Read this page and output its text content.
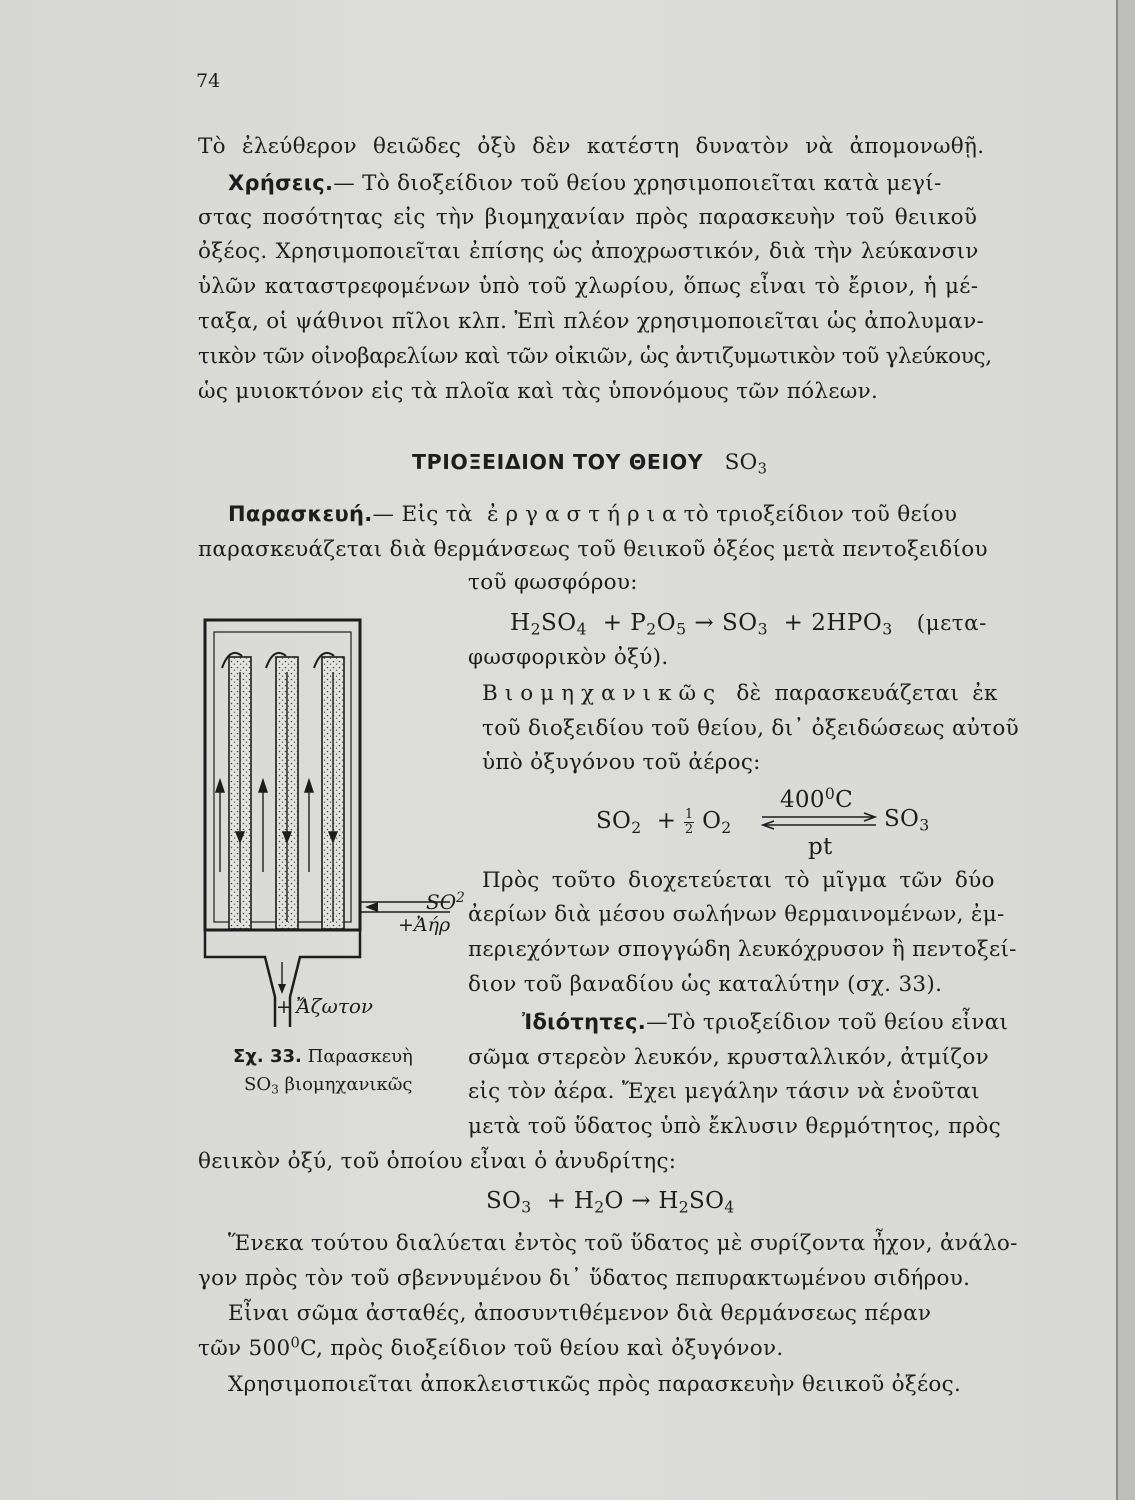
74
Τὸ ἐλεύθερον θειῶδες ὀξὺ δὲν κατέστη δυνατὸν νὰ ἀπομονωθῇ.
Χρήσεις.— Τὸ διοξείδιον τοῦ θείου χρησιμοποιεῖται κατὰ μεγί-
στας ποσότητας εἰς τὴν βιομηχανίαν πρὸς παρασκευὴν τοῦ θειικοῦ
ὀξέος. Χρησιμοποιεῖται ἐπίσης ὡς ἀποχρωστικόν, διὰ τὴν λεύκανσιν
ὑλῶν καταστρεφομένων ὑπὸ τοῦ χλωρίου, ὅπως εἶναι τὸ ἔριον, ἡ μέ-
ταξα, οἱ ψάθινοι πῖλοι κλπ. Ἐπὶ πλέον χρησιμοποιεῖται ὡς ἀπολυμαν-
τικὸν τῶν οἰνοβαρελίων καὶ τῶν οἰκιῶν, ὡς ἀντιζυμωτικὸν τοῦ γλεύκους,
ὡς μυιοκτόνον εἰς τὰ πλοῖα καὶ τὰς ὑπονόμους τῶν πόλεων.
ΤΡΙΟΞΕΙΔΙΟΝ ΤΟΥ ΘΕΙΟΥ $SO_3$
Παρασκευή.— Εἰς τὰ ἐργαστήριατὸ τριοξείδιον τοῦ θείου
παρασκευάζεται διὰ θερμάνσεως τοῦ θειικοῦ ὀξέος μετὰ πεντοξειδίου
τοῦ φωσφόρου:
$H_2SO_4 + P_2O_5 \to SO_3 + 2HPO_3$ (μετα-
φωσφορικὸν ὀξύ).
Βιομηχανικῶς δὲ παρασκευάζεται ἐκ
τοῦ διοξειδίου τοῦ θείου, δι᾽ ὀξειδώσεως αὐτοῦ
ὑπὸ ὀξυγόνου τοῦ ἀέρος:
$SO_2 + \frac{1}{2} O_2$
$400^0C$
$SO_3$
pt
Πρὸς τοῦτο διοχετεύεται τὸ μῖγμα τῶν δύο
ἀερίων διὰ μέσου σωλήνων θερμαινομένων, ἐμ-
περιεχόντων σπογγώδη λευκόχρυσον ἢ πεντοξεί-
διον τοῦ βαναδίου ὡς καταλύτην (σχ. 33).
Ἰδιότητες.—Τὸ τριοξείδιον τοῦ θείου εἶναι
σῶμα στερεὸν λευκόν, κρυσταλλικόν, ἀτμίζον
εἰς τὸν ἀέρα. Ἔχει μεγάλην τάσιν νὰ ἑνοῦται
μετὰ τοῦ ὕδατος ὑπὸ ἔκλυσιν θερμότητος, πρὸς
θειικὸν ὀξύ, τοῦ ὁποίου εἶναι ὁ ἀνυδρίτης:
$SO_3 + H_2O \to H_2SO_4$
Ἕνεκα τούτου διαλύεται ἐντὸς τοῦ ὕδατος μὲ συρίζοντα ἦχον, ἀνάλο-
γον πρὸς τὸν τοῦ σβεννυμένου δι᾽ ὕδατος πεπυρακτωμένου σιδήρου.
Εἶναι σῶμα ἀσταθές, ἀποσυντιθέμενον διὰ θερμάνσεως πέραν
τῶν $500^0C$, πρὸς διοξείδιον τοῦ θείου καὶ ὀξυγόνον.
Χρησιμοποιεῖται ἀποκλειστικῶς πρὸς παρασκευὴν θειικοῦ ὀξέος.
$SO^2$
+Ἀήρ
+ Ἄζωτον
Σχ. 33. Παρασκευὴ
$SO_3$ βιομηχανικῶς
